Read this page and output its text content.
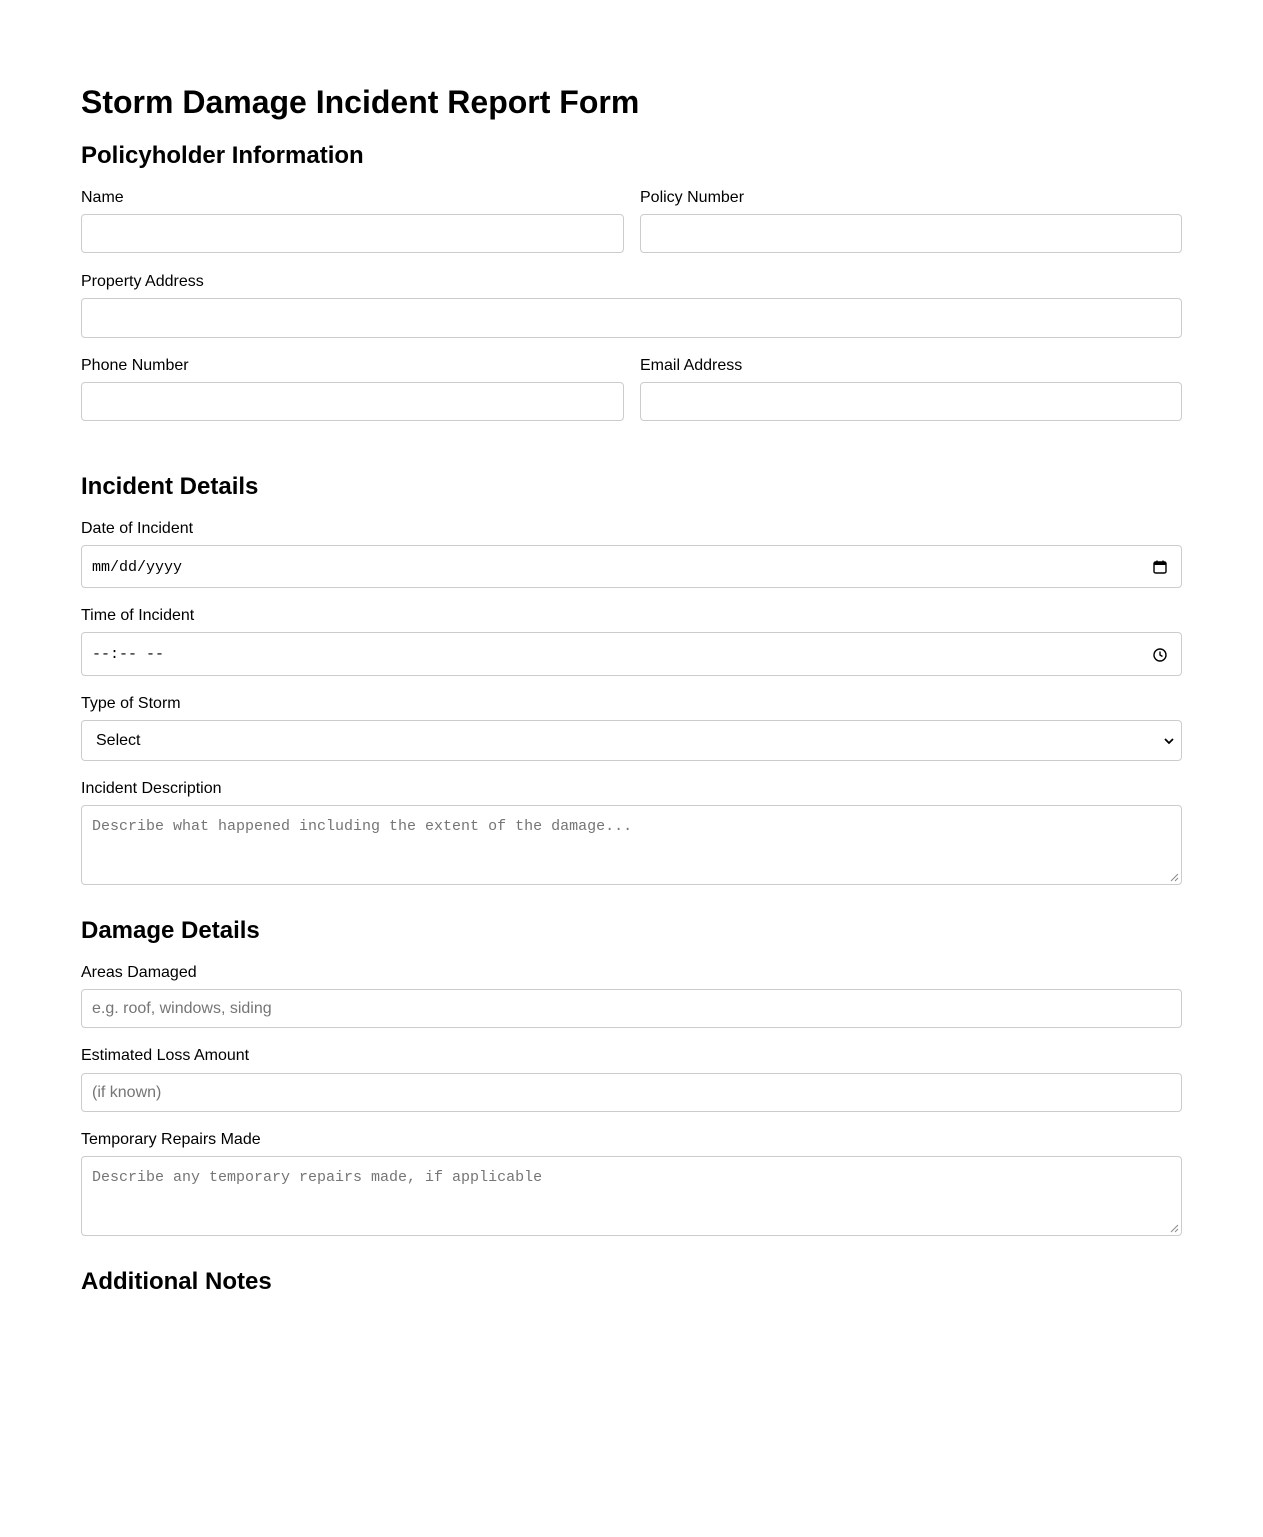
Storm Damage Incident Report Form
Policyholder Information
Name	Policy Number
Property Address
Phone Number	Email Address
Incident Details
Date of Incident
mm/dd/yyyy
Time of Incident
--:-- --
Type of Storm
Select
Incident Description
Describe what happened including the extent of the damage...
Damage Details
Areas Damaged
e.g. roof, windows, siding
Estimated Loss Amount
(if known)
Temporary Repairs Made
Describe any temporary repairs made, if applicable
Additional Notes
